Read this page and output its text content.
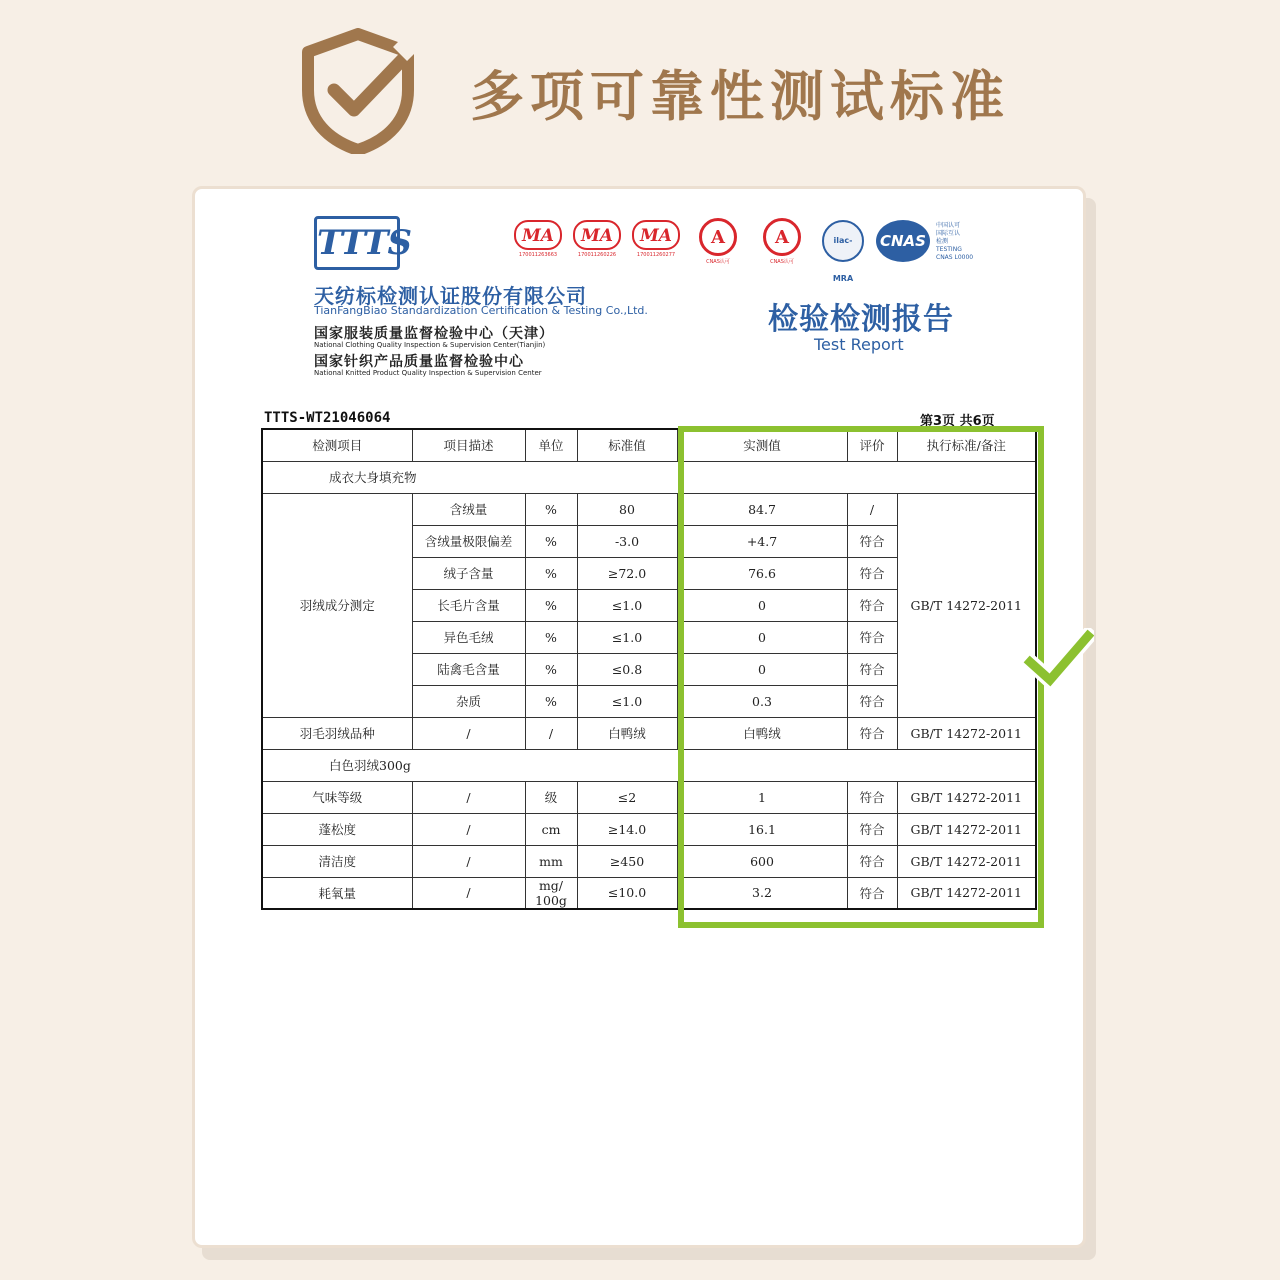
多项可靠性测试标准
TTTS	MA
170011263663
MA
170011260226
MA
170011260277
A
CNAS认可
A
CNAS认可
ilac-MRA
CNAS
中国认可
国际互认
检测
TESTING
CNAS L0000
天纺标检测认证股份有限公司
TianFangBiao Standardization Certification & Testing Co.,Ltd.
国家服装质量监督检验中心（天津）
National Clothing Quality Inspection & Supervision Center(Tianjin)
国家针织产品质量监督检验中心
National Knitted Product Quality Inspection & Supervision Center
检验检测报告
Test Report
TTTS-WT21046064	第3页 共6页
检测项目	项目描述	单位	标准值	实测值	评价	执行标准/备注
成衣大身填充物						
羽绒成分测定	含绒量	%	80	84.7	/	GB/T 14272-2011
	含绒量极限偏差	%	-3.0	+4.7	符合	
	绒子含量	%	≥72.0	76.6	符合	
	长毛片含量	%	≤1.0	0	符合	
	异色毛绒	%	≤1.0	0	符合	
	陆禽毛含量	%	≤0.8	0	符合	
	杂质	%	≤1.0	0.3	符合	
羽毛羽绒品种	/	/	白鸭绒	白鸭绒	符合	GB/T 14272-2011
白色羽绒300g						
气味等级	/	级	≤2	1	符合	GB/T 14272-2011
蓬松度	/	cm	≥14.0	16.1	符合	GB/T 14272-2011
清洁度	/	mm	≥450	600	符合	GB/T 14272-2011
耗氧量	/	mg/ 100g	≤10.0	3.2	符合	GB/T 14272-2011
